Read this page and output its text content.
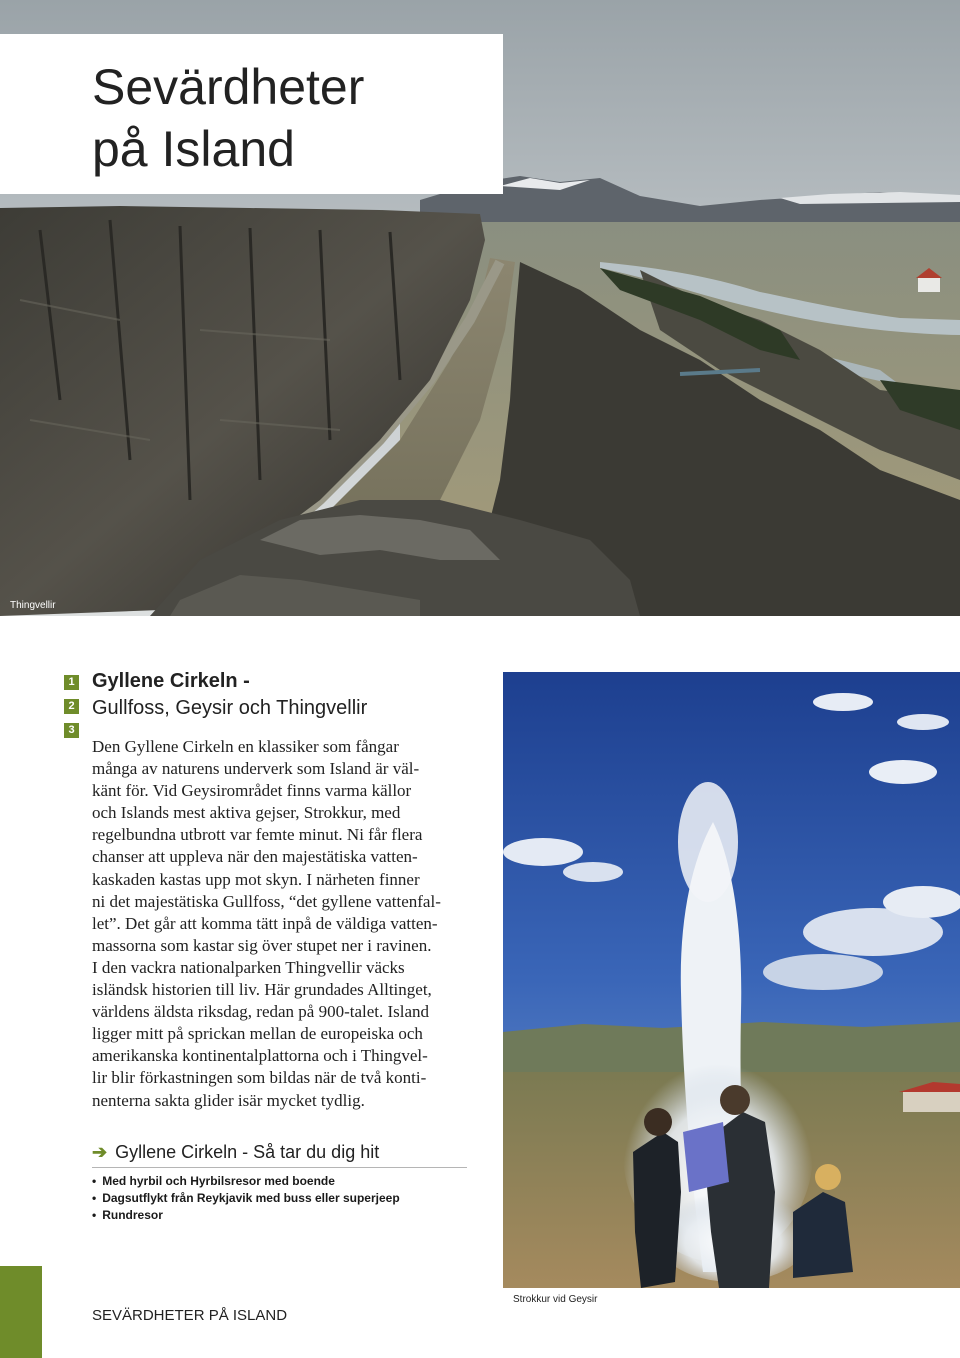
Thingvellir
Sevärdheter
på Island
1
2
3
Gyllene Cirkeln -
Gullfoss, Geysir och Thingvellir

Den Gyllene Cirkeln en klassiker som fångar
många av naturens underverk som Island är väl-
känt för. Vid Geysirområdet finns varma källor
och Islands mest aktiva gejser, Strokkur, med
regelbundna utbrott var femte minut. Ni får flera
chanser att uppleva när den majestätiska vatten-
kaskaden kastas upp mot skyn. I närheten finner
ni det majestätiska Gullfoss, “det gyllene vattenfal-
let”. Det går att komma tätt inpå de väldiga vatten-
massorna som kastar sig över stupet ner i ravinen.
I den vackra nationalparken Thingvellir väcks
isländsk historien till liv. Här grundades Alltinget,
världens äldsta riksdag, redan på 900-talet. Island
ligger mitt på sprickan mellan de europeiska och
amerikanska kontinentalplattorna och i Thingvel-
lir blir förkastningen som bildas när de två konti-
nenterna sakta glider isär mycket tydlig.

➔ Gyllene Cirkeln - Så tar du dig hit
• Med hyrbil och Hyrbilsresor med boende
• Dagsutflykt från Reykjavik med buss eller superjeep
• Rundresor
Strokkur vid Geysir
SEVÄRDHETER PÅ ISLAND
